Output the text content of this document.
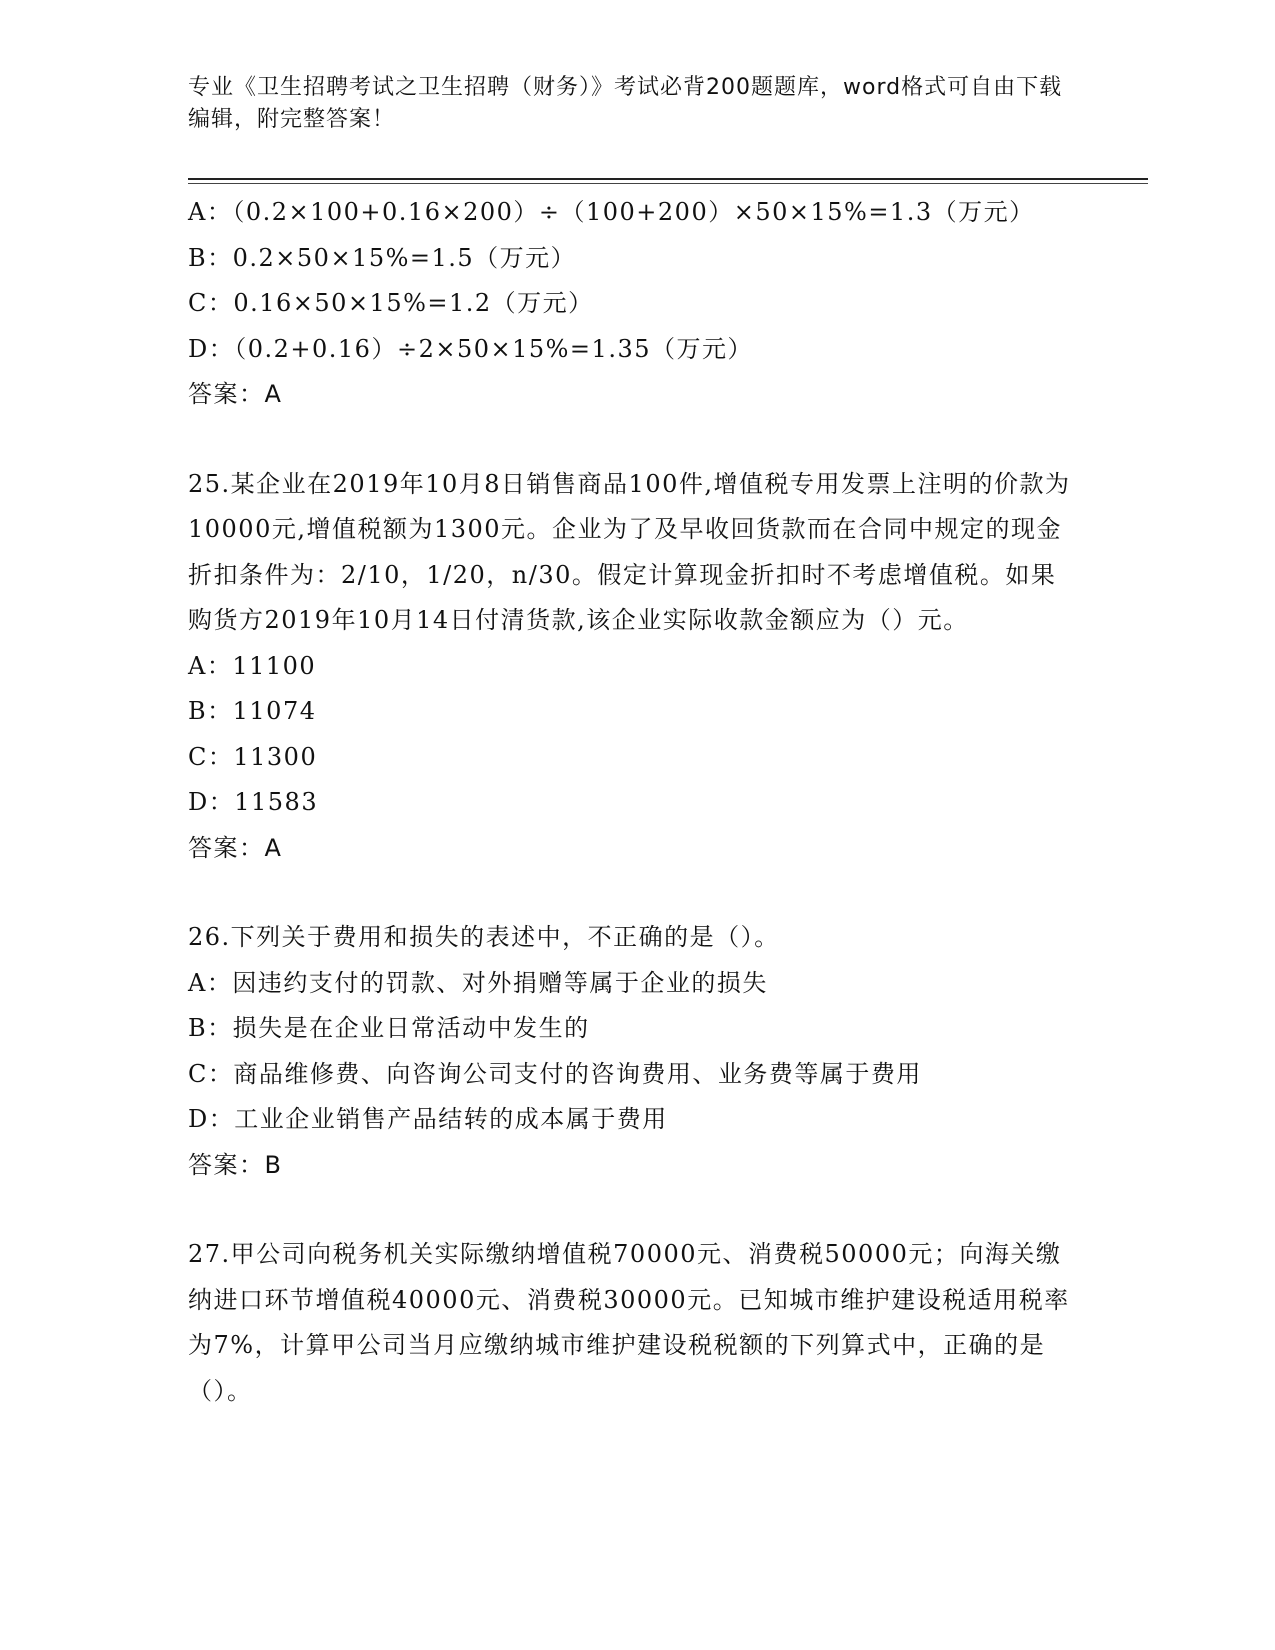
专业《卫生招聘考试之卫生招聘（财务）》考试必背200题题库，word格式可自由下载编辑，附完整答案！
A：（0.2×100+0.16×200）÷（100+200）×50×15%=1.3（万元）
B：0.2×50×15%=1.5（万元）
C：0.16×50×15%=1.2（万元）
D：（0.2+0.16）÷2×50×15%=1.35（万元）
答案：A
25.某企业在2019年10月8日销售商品100件,增值税专用发票上注明的价款为10000元,增值税额为1300元。企业为了及早收回货款而在合同中规定的现金折扣条件为：2/10，1/20，n/30。假定计算现金折扣时不考虑增值税。如果购货方2019年10月14日付清货款,该企业实际收款金额应为（）元。
A：11100
B：11074
C：11300
D：11583
答案：A
26.下列关于费用和损失的表述中，不正确的是（）。
A：因违约支付的罚款、对外捐赠等属于企业的损失
B：损失是在企业日常活动中发生的
C：商品维修费、向咨询公司支付的咨询费用、业务费等属于费用
D：工业企业销售产品结转的成本属于费用
答案：B
27.甲公司向税务机关实际缴纳增值税70000元、消费税50000元；向海关缴纳进口环节增值税40000元、消费税30000元。已知城市维护建设税适用税率为7%，计算甲公司当月应缴纳城市维护建设税税额的下列算式中，正确的是（）。
